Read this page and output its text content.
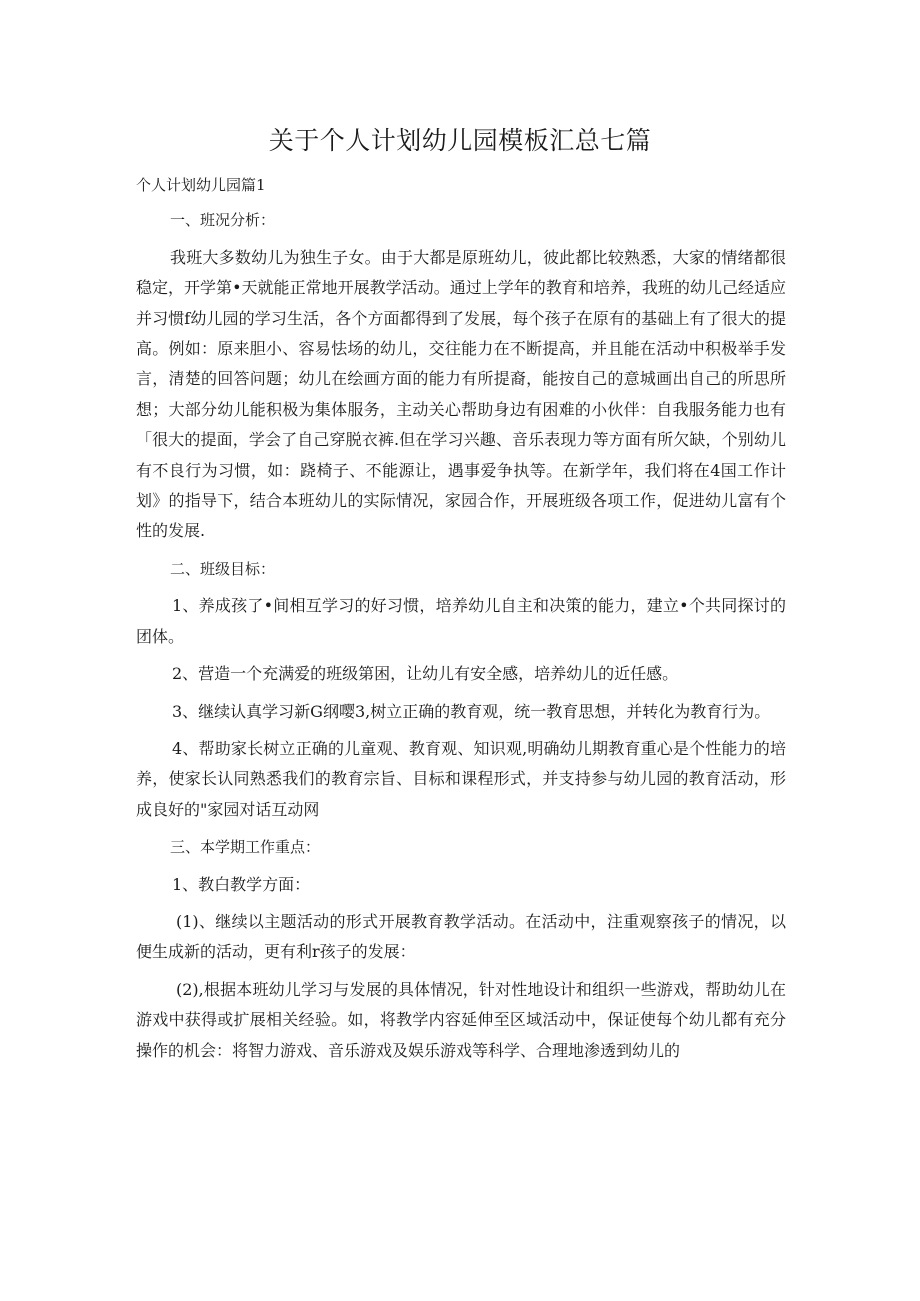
关于个人计划幼儿园模板汇总七篇

个人计划幼儿园篇1

一、班况分析：

我班大多数幼儿为独生子女。由于大都是原班幼儿，彼此都比较熟悉，大家的情绪都很稳定，开学第•天就能正常地开展教学活动。通过上学年的教育和培养，我班的幼儿己经适应并习惯f幼儿园的学习生活，各个方面都得到了发展，每个孩子在原有的基础上有了很大的提高。例如：原来胆小、容易怯场的幼儿，交往能力在不断提高，并且能在活动中积极举手发言，清楚的回答问题；幼儿在绘画方面的能力有所提裔，能按自己的意城画出自己的所思所想；大部分幼儿能积极为集体服务，主动关心帮助身边有困难的小伙伴：自我服务能力也有「很大的提面，学会了自己穿脱衣裤.但在学习兴趣、音乐表现力等方面有所欠缺，个别幼儿有不良行为习惯，如：跷椅子、不能源让，遇事爱争执等。在新学年，我们将在4国工作计划》的指导下，结合本班幼儿的实际情况，家园合作，开展班级各项工作，促进幼儿富有个性的发展.

二、班级目标：

1、养成孩了•间相互学习的好习惯，培养幼儿自主和决策的能力，建立•个共同探讨的团体。

2、营造一个充满爱的班级第困，让幼儿有安全感，培养幼儿的近任感。

3、继续认真学习新G纲嘤3,树立正确的教育观，统一教育思想，并转化为教育行为。

4、帮助家长树立正确的儿童观、教育观、知识观,明确幼儿期教育重心是个性能力的培养，使家长认同熟悉我们的教育宗旨、目标和课程形式，并支持参与幼儿园的教育活动，形成良好的"家园对话互动网

三、本学期工作重点：

1、教白教学方面：

(1)、继续以主题活动的形式开展教育教学活动。在活动中，注重观察孩子的情况，以便生成新的活动，更有利r孩子的发展：

(2),根据本班幼儿学习与发展的具体情况，针对性地设计和组织一些游戏，帮助幼儿在游戏中获得或扩展相关经验。如，将教学内容延伸至区域活动中，保证使每个幼儿都有充分操作的机会：将智力游戏、音乐游戏及娱乐游戏等科学、合理地渗透到幼儿的
